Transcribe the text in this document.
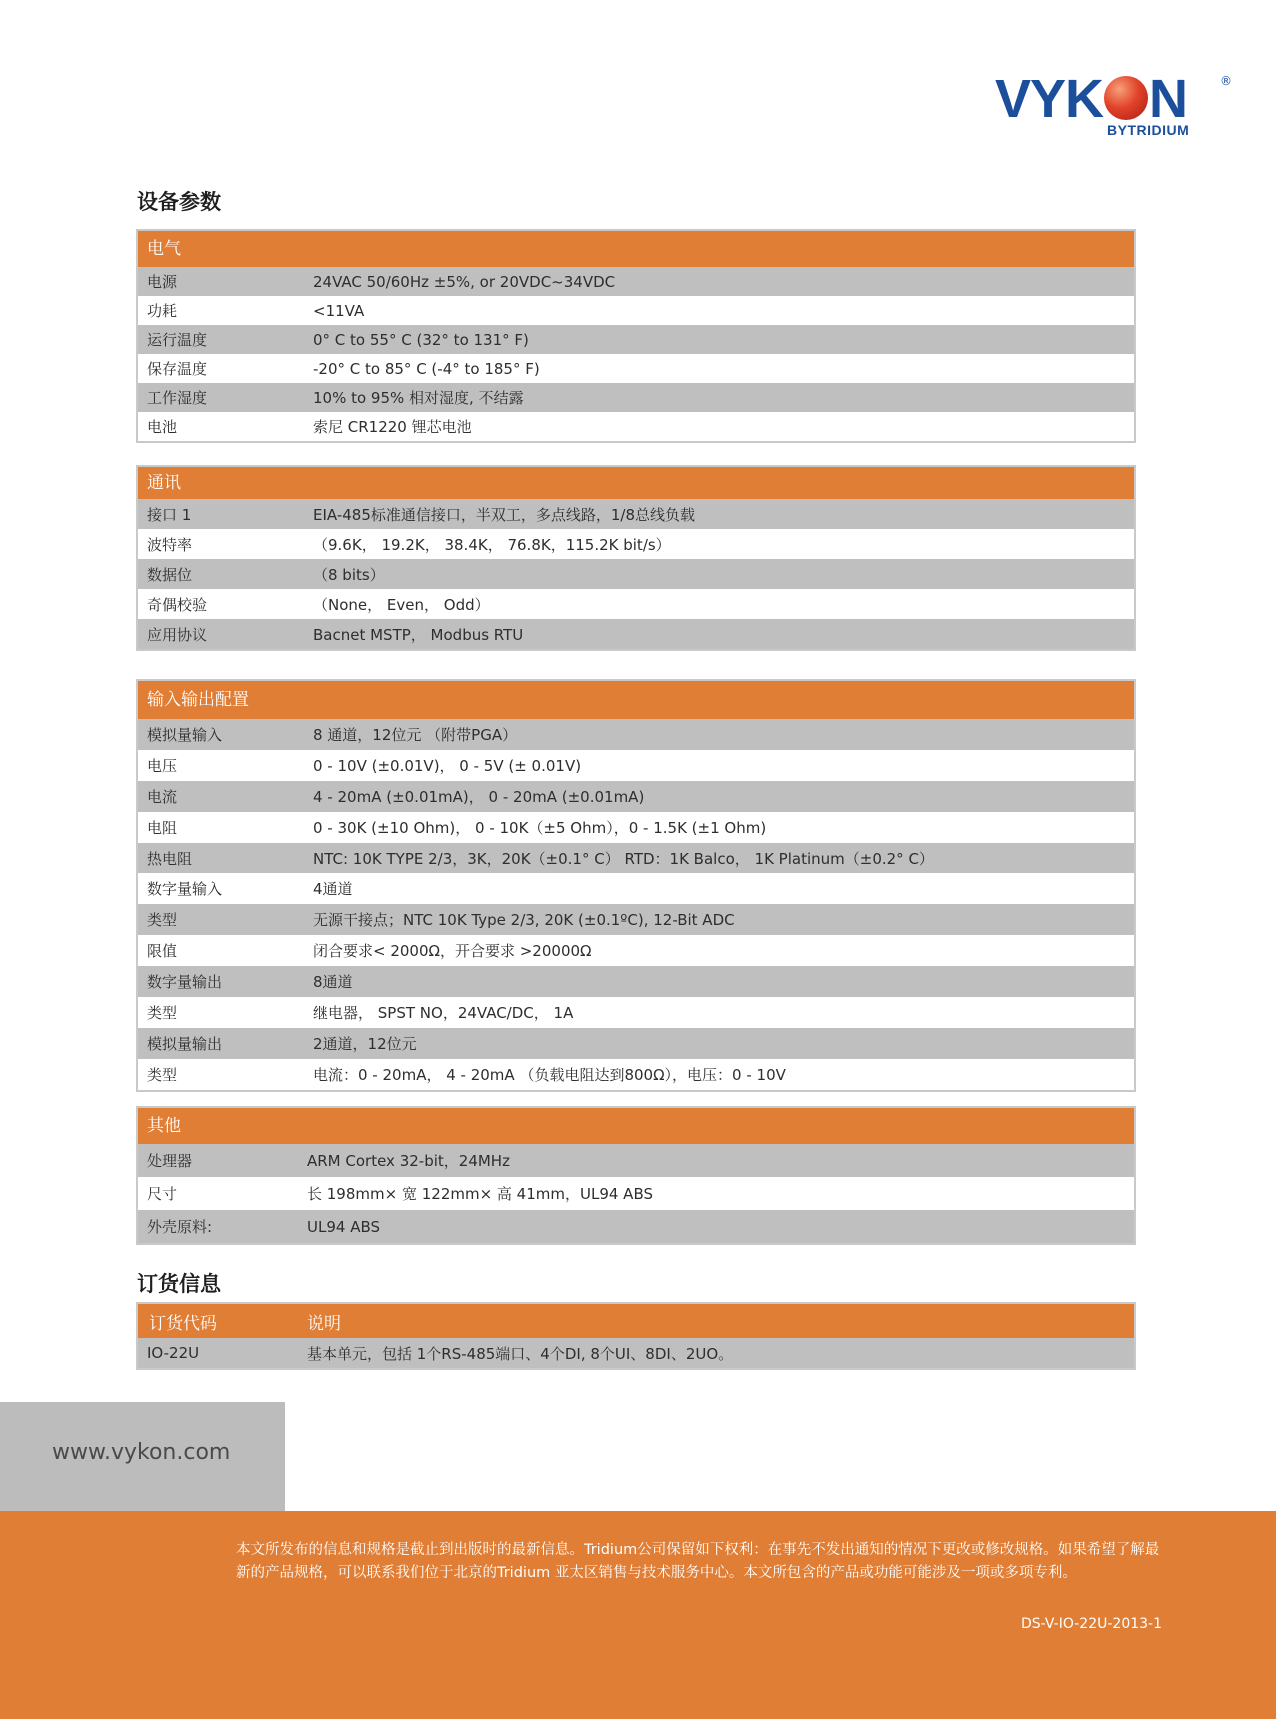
VYK N	®
BYTRIDIUM
设备参数
电气
电源	24VAC 50/60Hz ±5%, or 20VDC~34VDC
功耗	<11VA
运行温度	0° C to 55° C (32° to 131° F)
保存温度	-20° C to 85° C (-4° to 185° F)
工作湿度	10% to 95% 相对湿度, 不结露
电池	索尼 CR1220 锂芯电池
通讯
接口 1	EIA-485标准通信接口，半双工，多点线路，1/8总线负载
波特率	（9.6K， 19.2K， 38.4K， 76.8K，115.2K bit/s）
数据位	（8 bits）
奇偶校验	（None， Even， Odd）
应用协议	Bacnet MSTP， Modbus RTU
输入输出配置
模拟量输入	8 通道，12位元 （附带PGA）
电压	0 - 10V (±0.01V)， 0 - 5V (± 0.01V)
电流	4 - 20mA (±0.01mA)， 0 - 20mA (±0.01mA)
电阻	0 - 30K (±10 Ohm)， 0 - 10K（±5 Ohm），0 - 1.5K (±1 Ohm)
热电阻	NTC: 10K TYPE 2/3，3K，20K（±0.1° C） RTD：1K Balco， 1K Platinum（±0.2° C）
数字量输入	4通道
类型	无源干接点；NTC 10K Type 2/3, 20K (±0.1ºC), 12-Bit ADC
限值	闭合要求< 2000Ω，开合要求 >20000Ω
数字量输出	8通道
类型	继电器， SPST NO，24VAC/DC， 1A
模拟量输出	2通道，12位元
类型	电流：0 - 20mA， 4 - 20mA （负载电阻达到800Ω），电压：0 - 10V
其他
处理器	ARM Cortex 32-bit，24MHz
尺寸	长 198mm× 宽 122mm× 高 41mm，UL94 ABS
外壳原料:	UL94 ABS
订货信息
订货代码	说明
IO-22U	基本单元，包括 1个RS-485端口、4个DI, 8个UI、8DI、2UO。
www.vykon.com
本文所发布的信息和规格是截止到出版时的最新信息。Tridium公司保留如下权利：在事先不发出通知的情况下更改或修改规格。如果希望了解最新的产品规格，可以联系我们位于北京的Tridium 亚太区销售与技术服务中心。本文所包含的产品或功能可能涉及一项或多项专利。
DS-V-IO-22U-2013-1
